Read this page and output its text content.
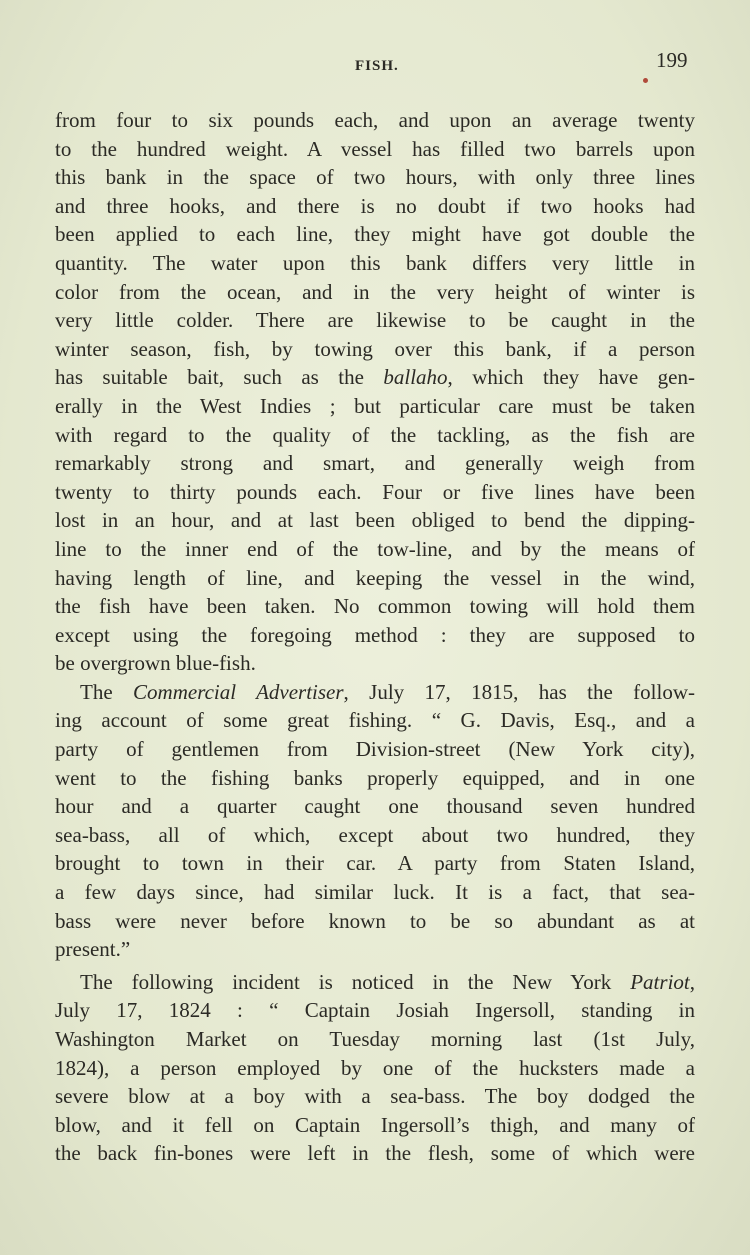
FISH.	199
from four to six pounds each, and upon an average twenty
to the hundred weight. A vessel has filled two barrels upon
this bank in the space of two hours, with only three lines
and three hooks, and there is no doubt if two hooks had
been applied to each line, they might have got double the
quantity. The water upon this bank differs very little in
color from the ocean, and in the very height of winter is
very little colder. There are likewise to be caught in the
winter season, fish, by towing over this bank, if a person
has suitable bait, such as the ballaho, which they have gen-
erally in the West Indies ; but particular care must be taken
with regard to the quality of the tackling, as the fish are
remarkably strong and smart, and generally weigh from
twenty to thirty pounds each. Four or five lines have been
lost in an hour, and at last been obliged to bend the dipping-
line to the inner end of the tow-line, and by the means of
having length of line, and keeping the vessel in the wind,
the fish have been taken. No common towing will hold them
except using the foregoing method : they are supposed to
be overgrown blue-fish.
The Commercial Advertiser, July 17, 1815, has the follow-
ing account of some great fishing. “ G. Davis, Esq., and a
party of gentlemen from Division-street (New York city),
went to the fishing banks properly equipped, and in one
hour and a quarter caught one thousand seven hundred
sea-bass, all of which, except about two hundred, they
brought to town in their car. A party from Staten Island,
a few days since, had similar luck. It is a fact, that sea-
bass were never before known to be so abundant as at
present.”
The following incident is noticed in the New York Patriot,
July 17, 1824 : “ Captain Josiah Ingersoll, standing in
Washington Market on Tuesday morning last (1st July,
1824), a person employed by one of the hucksters made a
severe blow at a boy with a sea-bass. The boy dodged the
blow, and it fell on Captain Ingersoll’s thigh, and many of
the back fin-bones were left in the flesh, some of which were
